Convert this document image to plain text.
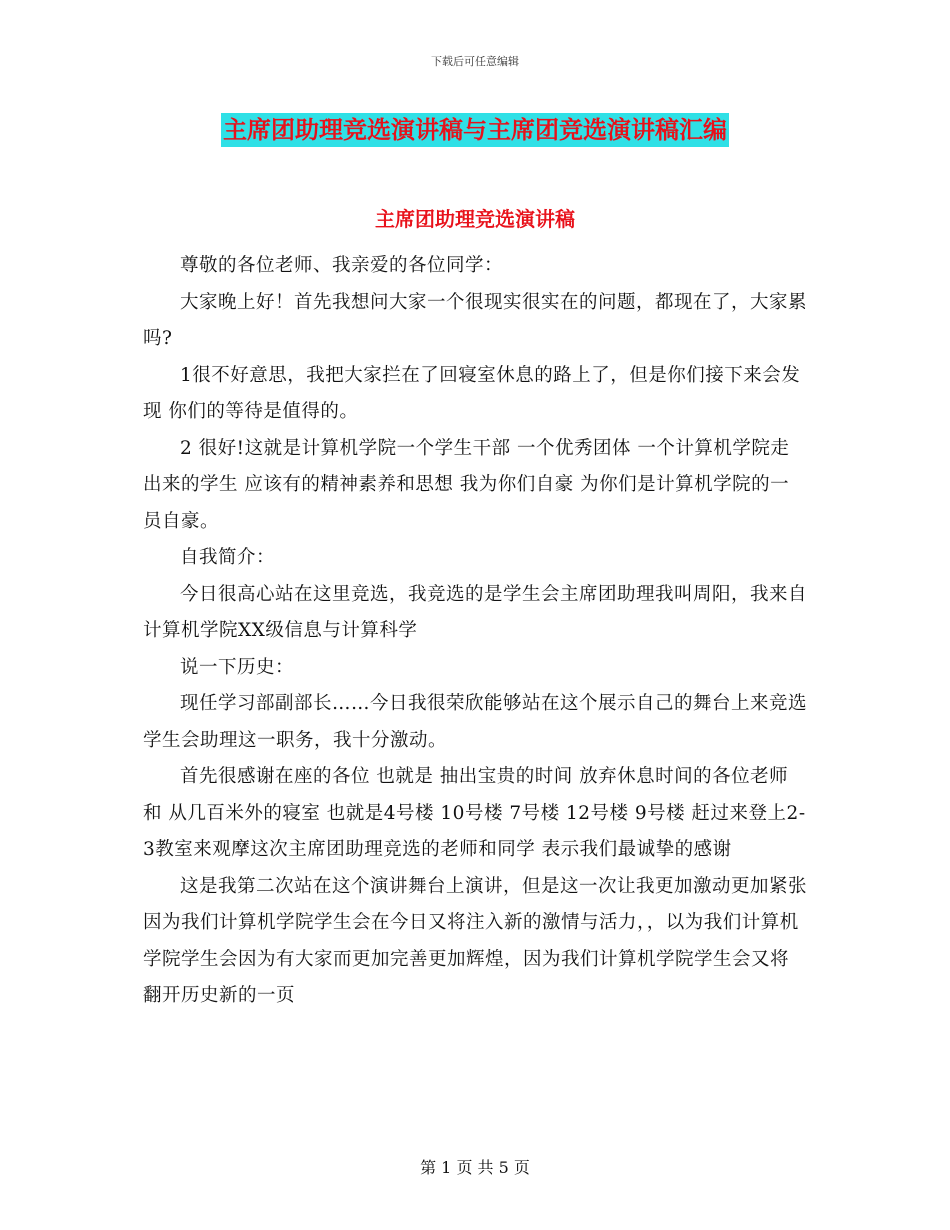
下载后可任意编辑
主席团助理竞选演讲稿与主席团竞选演讲稿汇编
主席团助理竞选演讲稿

尊敬的各位老师、我亲爱的各位同学：

大家晚上好！首先我想问大家一个很现实很实在的问题，都现在了，大家累吗?

1很不好意思，我把大家拦在了回寝室休息的路上了，但是你们接下来会发现 你们的等待是值得的。

2 很好!这就是计算机学院一个学生干部 一个优秀团体 一个计算机学院走出来的学生 应该有的精神素养和思想 我为你们自豪 为你们是计算机学院的一员自豪。

自我简介：

今日很高心站在这里竞选，我竞选的是学生会主席团助理我叫周阳，我来自计算机学院XX级信息与计算科学

说一下历史：

现任学习部副部长……今日我很荣欣能够站在这个展示自己的舞台上来竞选学生会助理这一职务，我十分激动。

首先很感谢在座的各位 也就是 抽出宝贵的时间 放弃休息时间的各位老师 和 从几百米外的寝室 也就是4号楼 10号楼 7号楼 12号楼 9号楼 赶过来登上2-3教室来观摩这次主席团助理竞选的老师和同学 表示我们最诚挚的感谢

这是我第二次站在这个演讲舞台上演讲，但是这一次让我更加激动更加紧张 因为我们计算机学院学生会在今日又将注入新的激情与活力，，以为我们计算机学院学生会因为有大家而更加完善更加辉煌，因为我们计算机学院学生会又将翻开历史新的一页

第 1 页 共 5 页
